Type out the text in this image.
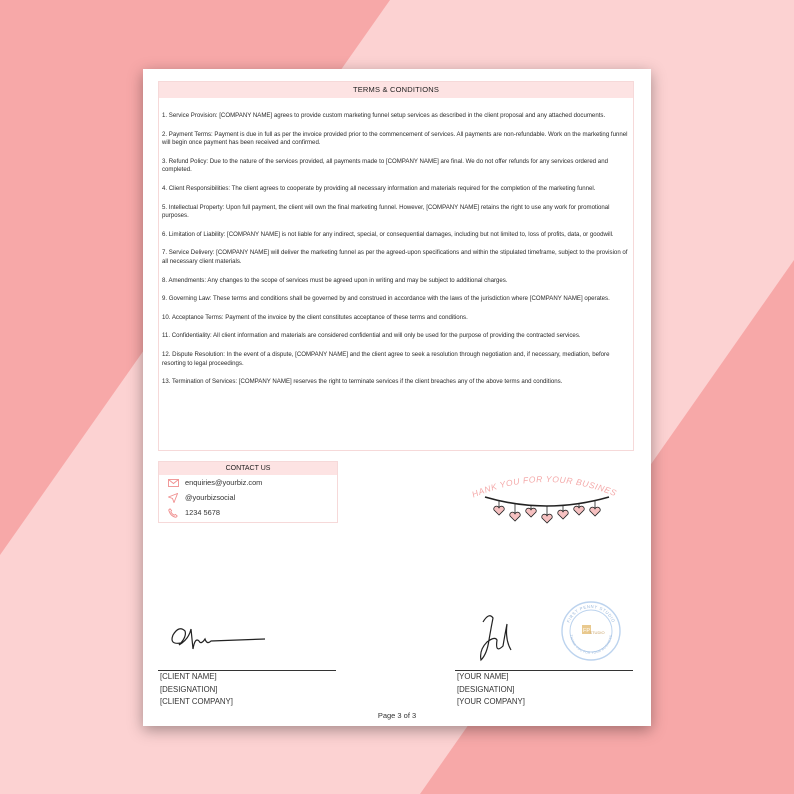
TERMS & CONDITIONS

1. Service Provision: [COMPANY NAME] agrees to provide custom marketing funnel setup services as described in the client proposal and any attached documents.

2. Payment Terms: Payment is due in full as per the invoice provided prior to the commencement of services. All payments are non-refundable. Work on the marketing funnel will begin once payment has been received and confirmed.

3. Refund Policy: Due to the nature of the services provided, all payments made to [COMPANY NAME] are final. We do not offer refunds for any services ordered and completed.

4. Client Responsibilities: The client agrees to cooperate by providing all necessary information and materials required for the completion of the marketing funnel.

5. Intellectual Property: Upon full payment, the client will own the final marketing funnel. However, [COMPANY NAME] retains the right to use any work for promotional purposes.

6. Limitation of Liability: [COMPANY NAME] is not liable for any indirect, special, or consequential damages, including but not limited to, loss of profits, data, or goodwill.

7. Service Delivery: [COMPANY NAME] will deliver the marketing funnel as per the agreed-upon specifications and within the stipulated timeframe, subject to the provision of all necessary client materials.

8. Amendments: Any changes to the scope of services must be agreed upon in writing and may be subject to additional charges.

9. Governing Law: These terms and conditions shall be governed by and construed in accordance with the laws of the jurisdiction where [COMPANY NAME] operates.

10. Acceptance Terms: Payment of the invoice by the client constitutes acceptance of these terms and conditions.

11. Confidentiality: All client information and materials are considered confidential and will only be used for the purpose of providing the contracted services.

12. Dispute Resolution: In the event of a dispute, [COMPANY NAME] and the client agree to seek a resolution through negotiation and, if necessary, mediation, before resorting to legal proceedings.

13. Termination of Services: [COMPANY NAME] reserves the right to terminate services if the client breaches any of the above terms and conditions.

CONTACT US
enquiries@yourbiz.com
@yourbizsocial
1234 5678
HANK YOU FOR YOUR BUSINES
[CLIENT NAME]
[DESIGNATION]
[CLIENT COMPANY]
[YOUR NAME]
[DESIGNATION]
[YOUR COMPANY]
FIRST PENNY STUDIO
THANK YOU FOR YOUR BUSINESS
FP STUDIO
Page 3 of 3
